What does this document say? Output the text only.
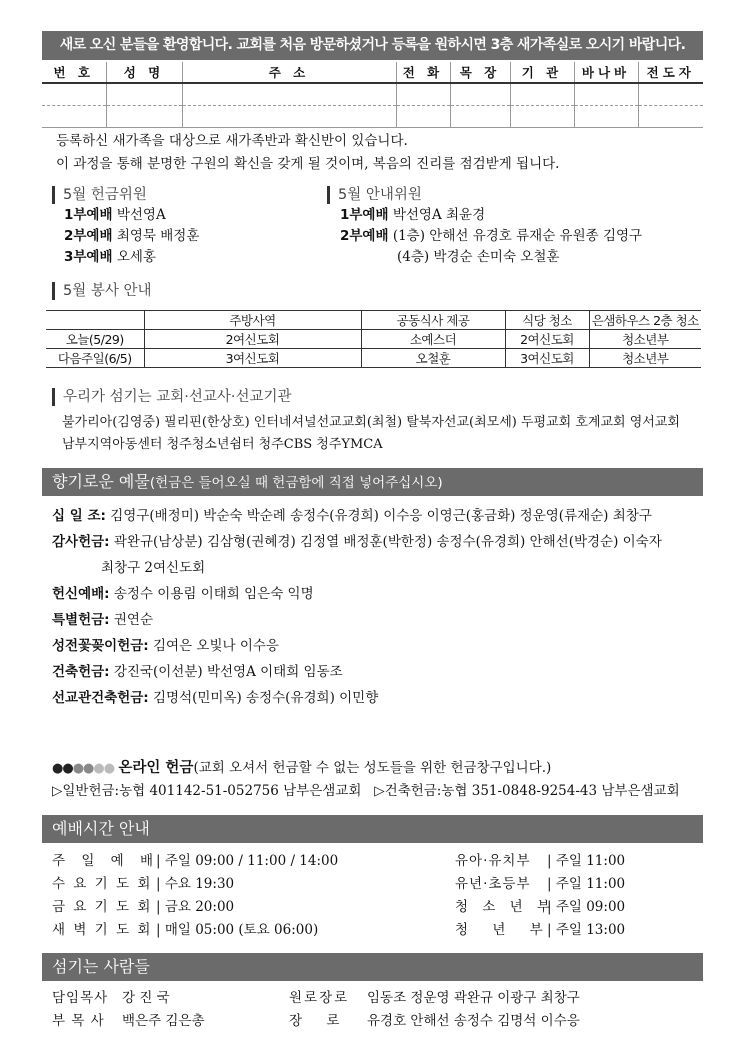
새로 오신 분들을 환영합니다. 교회를 처음 방문하셨거나 등록을 원하시면 3층 새가족실로 오시기 바랍니다.
번 호	성 명	주 소	전 화	목 장	기 관	바나바	전도자

등록하신 새가족을 대상으로 새가족반과 확신반이 있습니다.
이 과정을 통해 분명한 구원의 확신을 갖게 될 것이며, 복음의 진리를 점검받게 됩니다.
5월 헌금위원
1부예배 박선영A
2부예배 최영묵 배정훈
3부예배 오세홍
5월 안내위원
1부예배 박선영A 최윤경
2부예배 (1층) 안해선 유경호 류재순 유원종 김영구
(4층) 박경순 손미숙 오철훈
5월 봉사 안내
	주방사역	공동식사 제공	식당 청소	은샘하우스 2층 청소
오늘(5/29)	2여신도회	소예스더	2여신도회	청소년부
다음주일(6/5)	3여신도회	오철훈	3여신도회	청소년부
우리가 섬기는 교회·선교사·선교기관
불가리아(김영중) 필리핀(한상호) 인터네셔널선교교회(최철) 탈북자선교(최모세) 두평교회 호계교회 영서교회
남부지역아동센터 청주청소년쉼터 청주CBS 청주YMCA
향기로운 예물(헌금은 들어오실 때 헌금함에 직접 넣어주십시오)
십 일 조: 김영구(배정미) 박순숙 박순례 송정수(유경희) 이수응 이영근(홍금화) 정운영(류재순) 최창구
감사헌금: 곽완규(남상분) 김삼형(권혜경) 김정열 배정훈(박한정) 송정수(유경희) 안해선(박경순) 이숙자
최창구 2여신도회
헌신예배: 송정수 이용림 이태희 임은숙 익명
특별헌금: 권연순
성전꽃꽂이헌금: 김여은 오빛나 이수응
건축헌금: 강진국(이선분) 박선영A 이태희 임동조
선교관건축헌금: 김명석(민미옥) 송정수(유경희) 이민향
●●●●●● 온라인 헌금(교회 오셔서 헌금할 수 없는 성도들을 위한 헌금창구입니다.)
▷일반헌금:농협 401142-51-052756 남부은샘교회 ▷건축헌금:농협 351-0848-9254-43 남부은샘교회
예배시간 안내
주 일 예 배| 주일 09:00 / 11:00 / 14:00
수 요 기 도 회 | 수요 19:30
금 요 기 도 회 | 금요 20:00
새 벽 기 도 회 | 매일 05:00 (토요 06:00)
유아·유치부 | 주일 11:00
유년·초등부 | 주일 11:00
청 소 년 부| 주일 09:00
청 년 부| 주일 13:00
섬기는 사람들
담임목사 강 진 국
부 목 사 백은주 김은총
원로장로 임동조 정운영 곽완규 이광구 최창구
장 로 유경호 안해선 송정수 김명석 이수응
